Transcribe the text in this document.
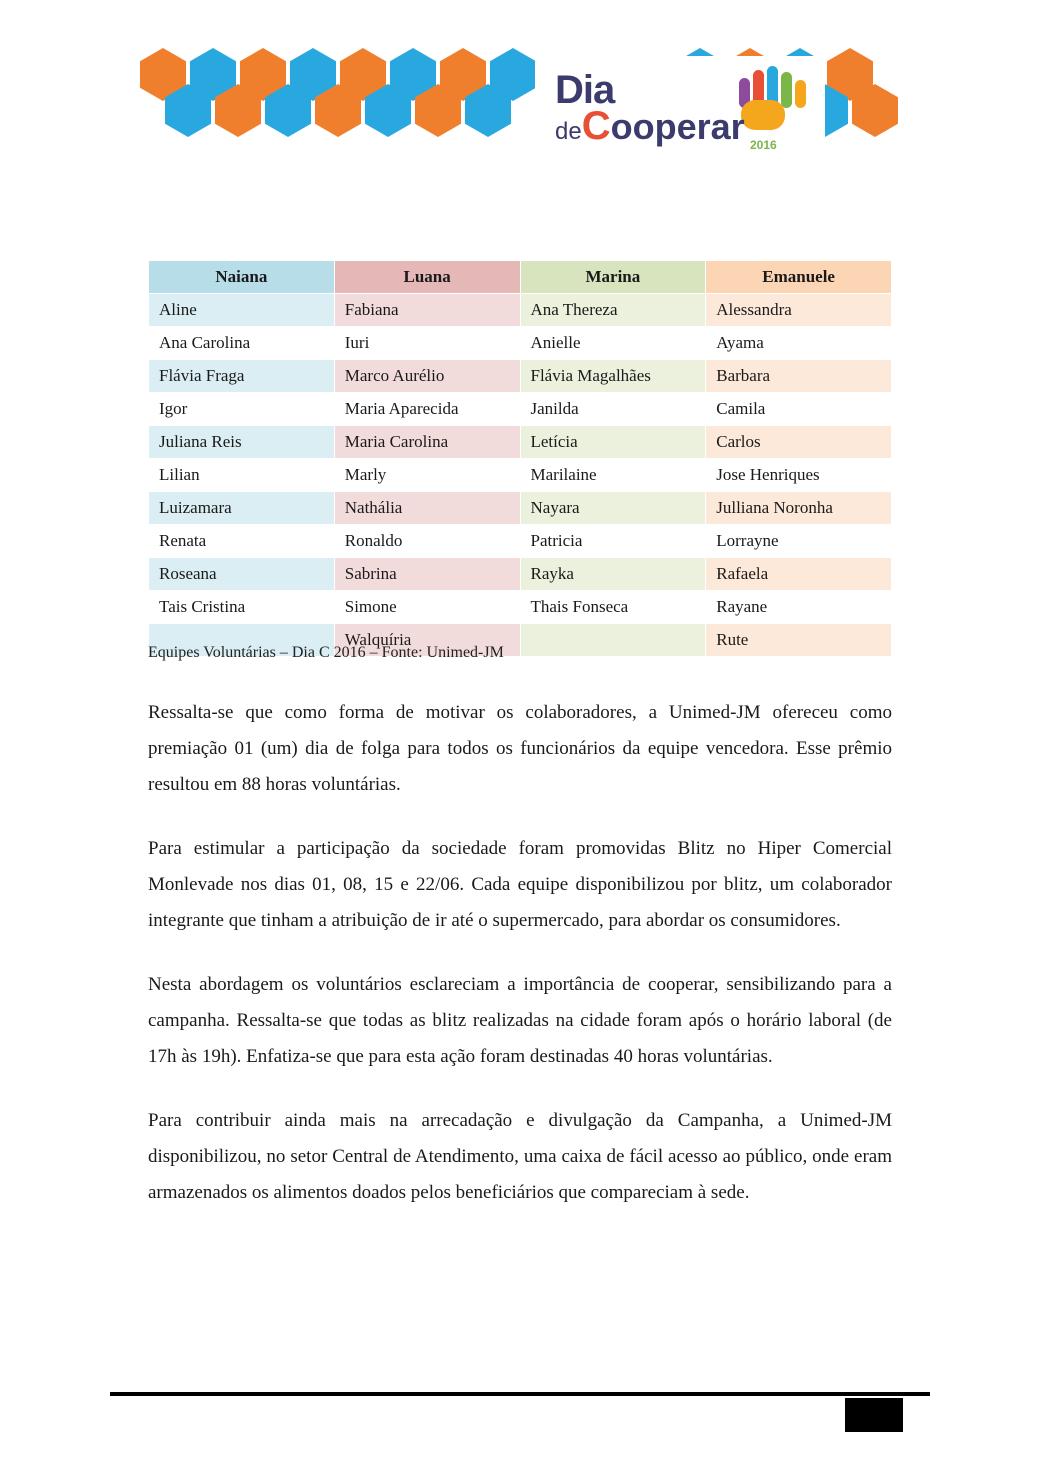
Dia
deCooperar 2016
Acalanto	Cooperação e Ação	Doação de Coração	Juntos Somos Mais
Naiana	Luana	Marina	Emanuele
Aline	Fabiana	Ana Thereza	Alessandra
Ana Carolina	Iuri	Anielle	Ayama
Flávia Fraga	Marco Aurélio	Flávia Magalhães	Barbara
Igor	Maria Aparecida	Janilda	Camila
Juliana Reis	Maria Carolina	Letícia	Carlos
Lilian	Marly	Marilaine	Jose Henriques
Luizamara	Nathália	Nayara	Julliana Noronha
Renata	Ronaldo	Patricia	Lorrayne
Roseana	Sabrina	Rayka	Rafaela
Tais Cristina	Simone	Thais Fonseca	Rayane
	Walquíria		Rute
Equipes Voluntárias – Dia C 2016 – Fonte: Unimed-JM

Ressalta-se que como forma de motivar os colaboradores, a Unimed-JM ofereceu como premiação 01 (um) dia de folga para todos os funcionários da equipe vencedora. Esse prêmio resultou em 88 horas voluntárias.

Para estimular a participação da sociedade foram promovidas Blitz no Hiper Comercial Monlevade nos dias 01, 08, 15 e 22/06. Cada equipe disponibilizou por blitz, um colaborador integrante que tinham a atribuição de ir até o supermercado, para abordar os consumidores.

Nesta abordagem os voluntários esclareciam a importância de cooperar, sensibilizando para a campanha. Ressalta-se que todas as blitz realizadas na cidade foram após o horário laboral (de 17h às 19h). Enfatiza-se que para esta ação foram destinadas 40 horas voluntárias.

Para contribuir ainda mais na arrecadação e divulgação da Campanha, a Unimed-JM disponibilizou, no setor Central de Atendimento, uma caixa de fácil acesso ao público, onde eram armazenados os alimentos doados pelos beneficiários que compareciam à sede.
